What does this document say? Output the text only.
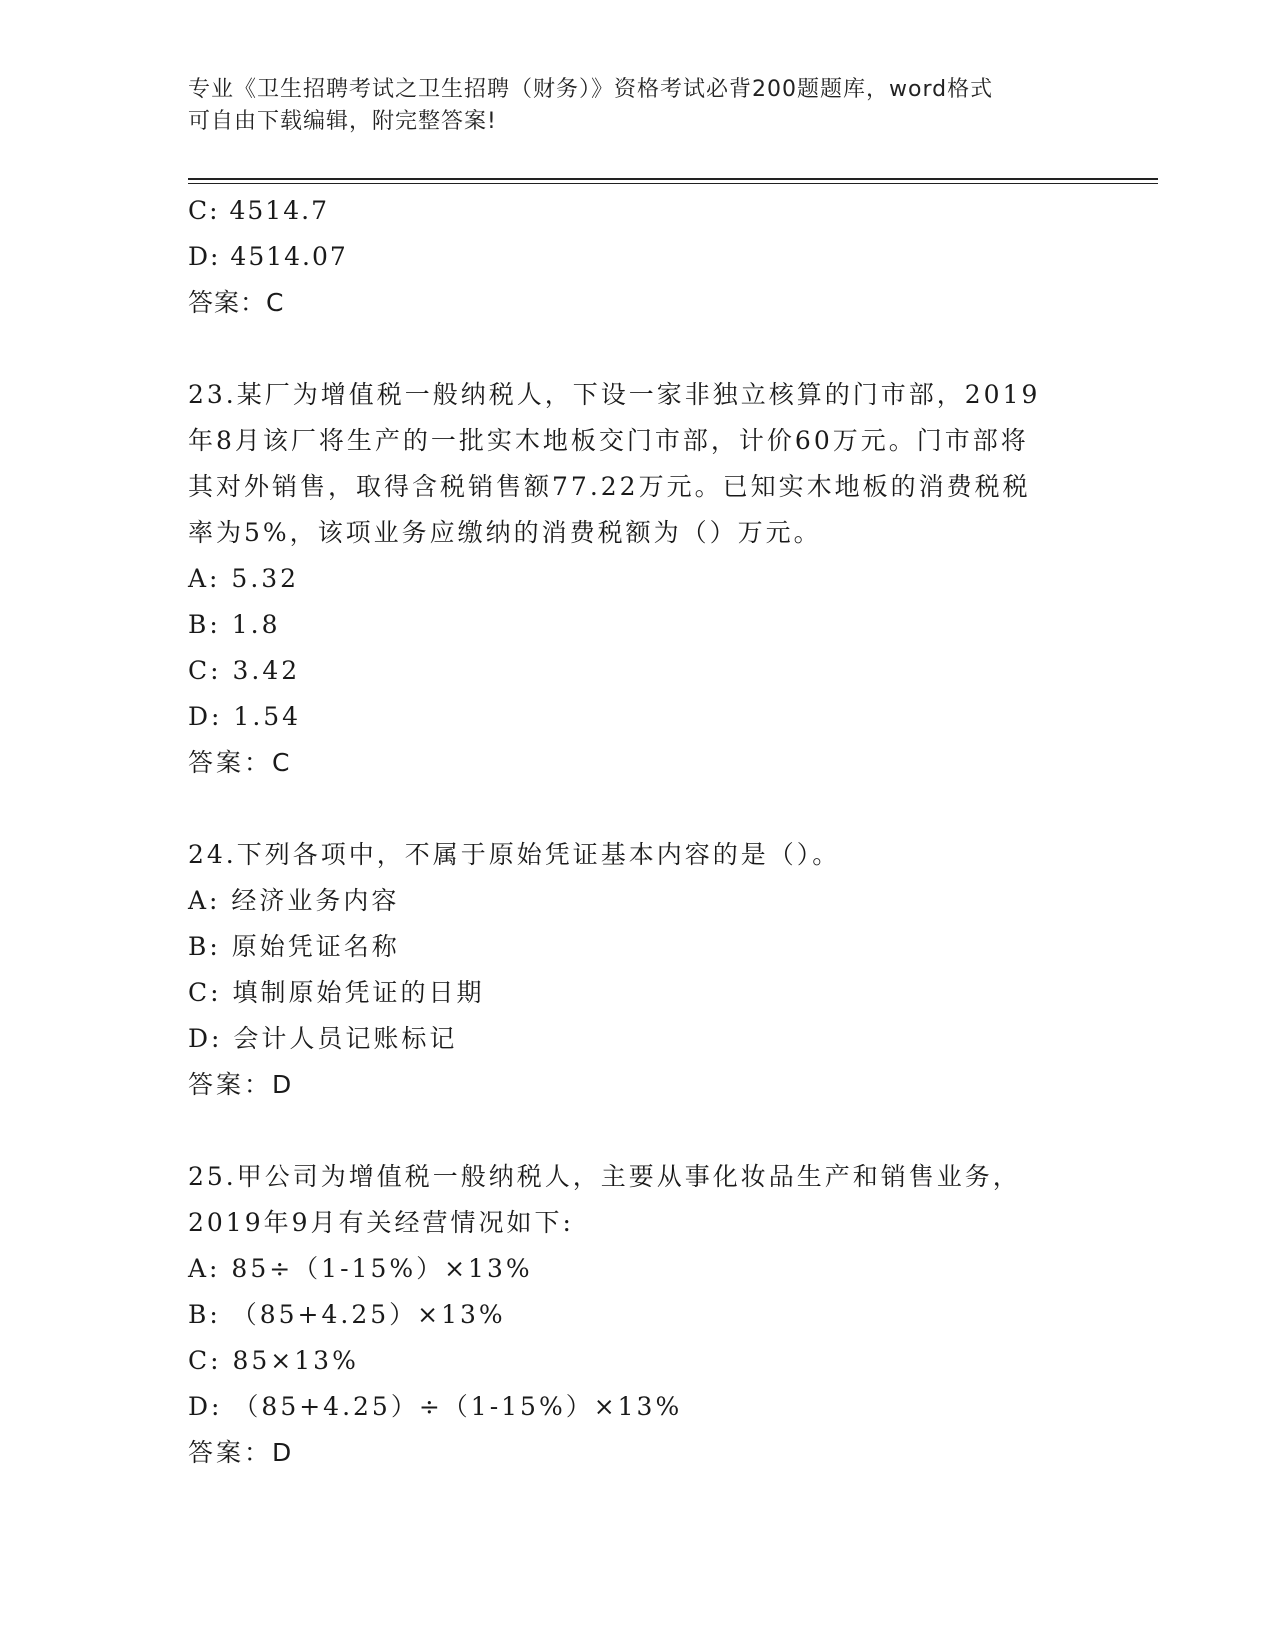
专业《卫生招聘考试之卫生招聘（财务）》资格考试必背200题题库，word格式
可自由下载编辑，附完整答案!
C: 4514.7
D: 4514.07
答案：C
23.某厂为增值税一般纳税人，下设一家非独立核算的门市部，2019
年8月该厂将生产的一批实木地板交门市部，计价60万元。门市部将
其对外销售，取得含税销售额77.22万元。已知实木地板的消费税税
率为5%，该项业务应缴纳的消费税额为（）万元。
A: 5.32
B: 1.8
C: 3.42
D: 1.54
答案：C
24.下列各项中，不属于原始凭证基本内容的是（）。
A: 经济业务内容
B: 原始凭证名称
C: 填制原始凭证的日期
D: 会计人员记账标记
答案：D
25.甲公司为增值税一般纳税人，主要从事化妆品生产和销售业务，
2019年9月有关经营情况如下:
A: 85÷（1-15%）×13%
B: （85+4.25）×13%
C: 85×13%
D: （85+4.25）÷（1-15%）×13%
答案：D
